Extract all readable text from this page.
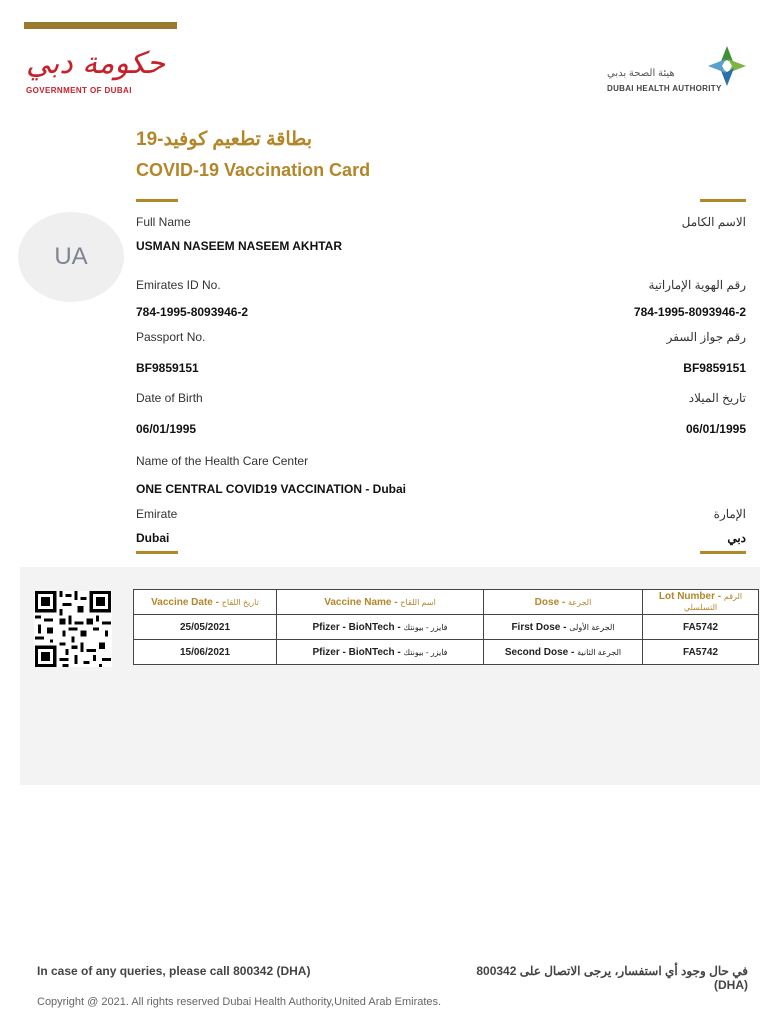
حكومة دبي
GOVERNMENT OF DUBAI
هيئة الصحة بدبي
DUBAI HEALTH AUTHORITY
بطاقة تطعيم كوفيد-19
COVID-19 Vaccination Card
UA
Full Name	الاسم الكامل
USMAN NASEEM NASEEM AKHTAR
Emirates ID No.	رقم الهوية الإماراتية
784-1995-8093946-2	784-1995-8093946-2
Passport No.	رقم جواز السفر
BF9859151	BF9859151
Date of Birth	تاريخ الميلاد
06/01/1995	06/01/1995
Name of the Health Care Center
ONE CENTRAL COVID19 VACCINATION - Dubai
Emirate	الإمارة
Dubai	دبي
Vaccine Date - تاريخ اللقاح	Vaccine Name - اسم اللقاح	Dose - الجرعة	Lot Number - الرقم التسلسلي
25/05/2021	Pfizer - BioNTech - فايزر - بيونتك	First Dose - الجرعة الأولى	FA5742
15/06/2021	Pfizer - BioNTech - فايزر - بيونتك	Second Dose - الجرعة الثانية	FA5742
In case of any queries, please call 800342 (DHA)	في حال وجود أي استفسار، يرجى الاتصال على 800342 (DHA)
Copyright @ 2021. All rights reserved Dubai Health Authority,United Arab Emirates.
